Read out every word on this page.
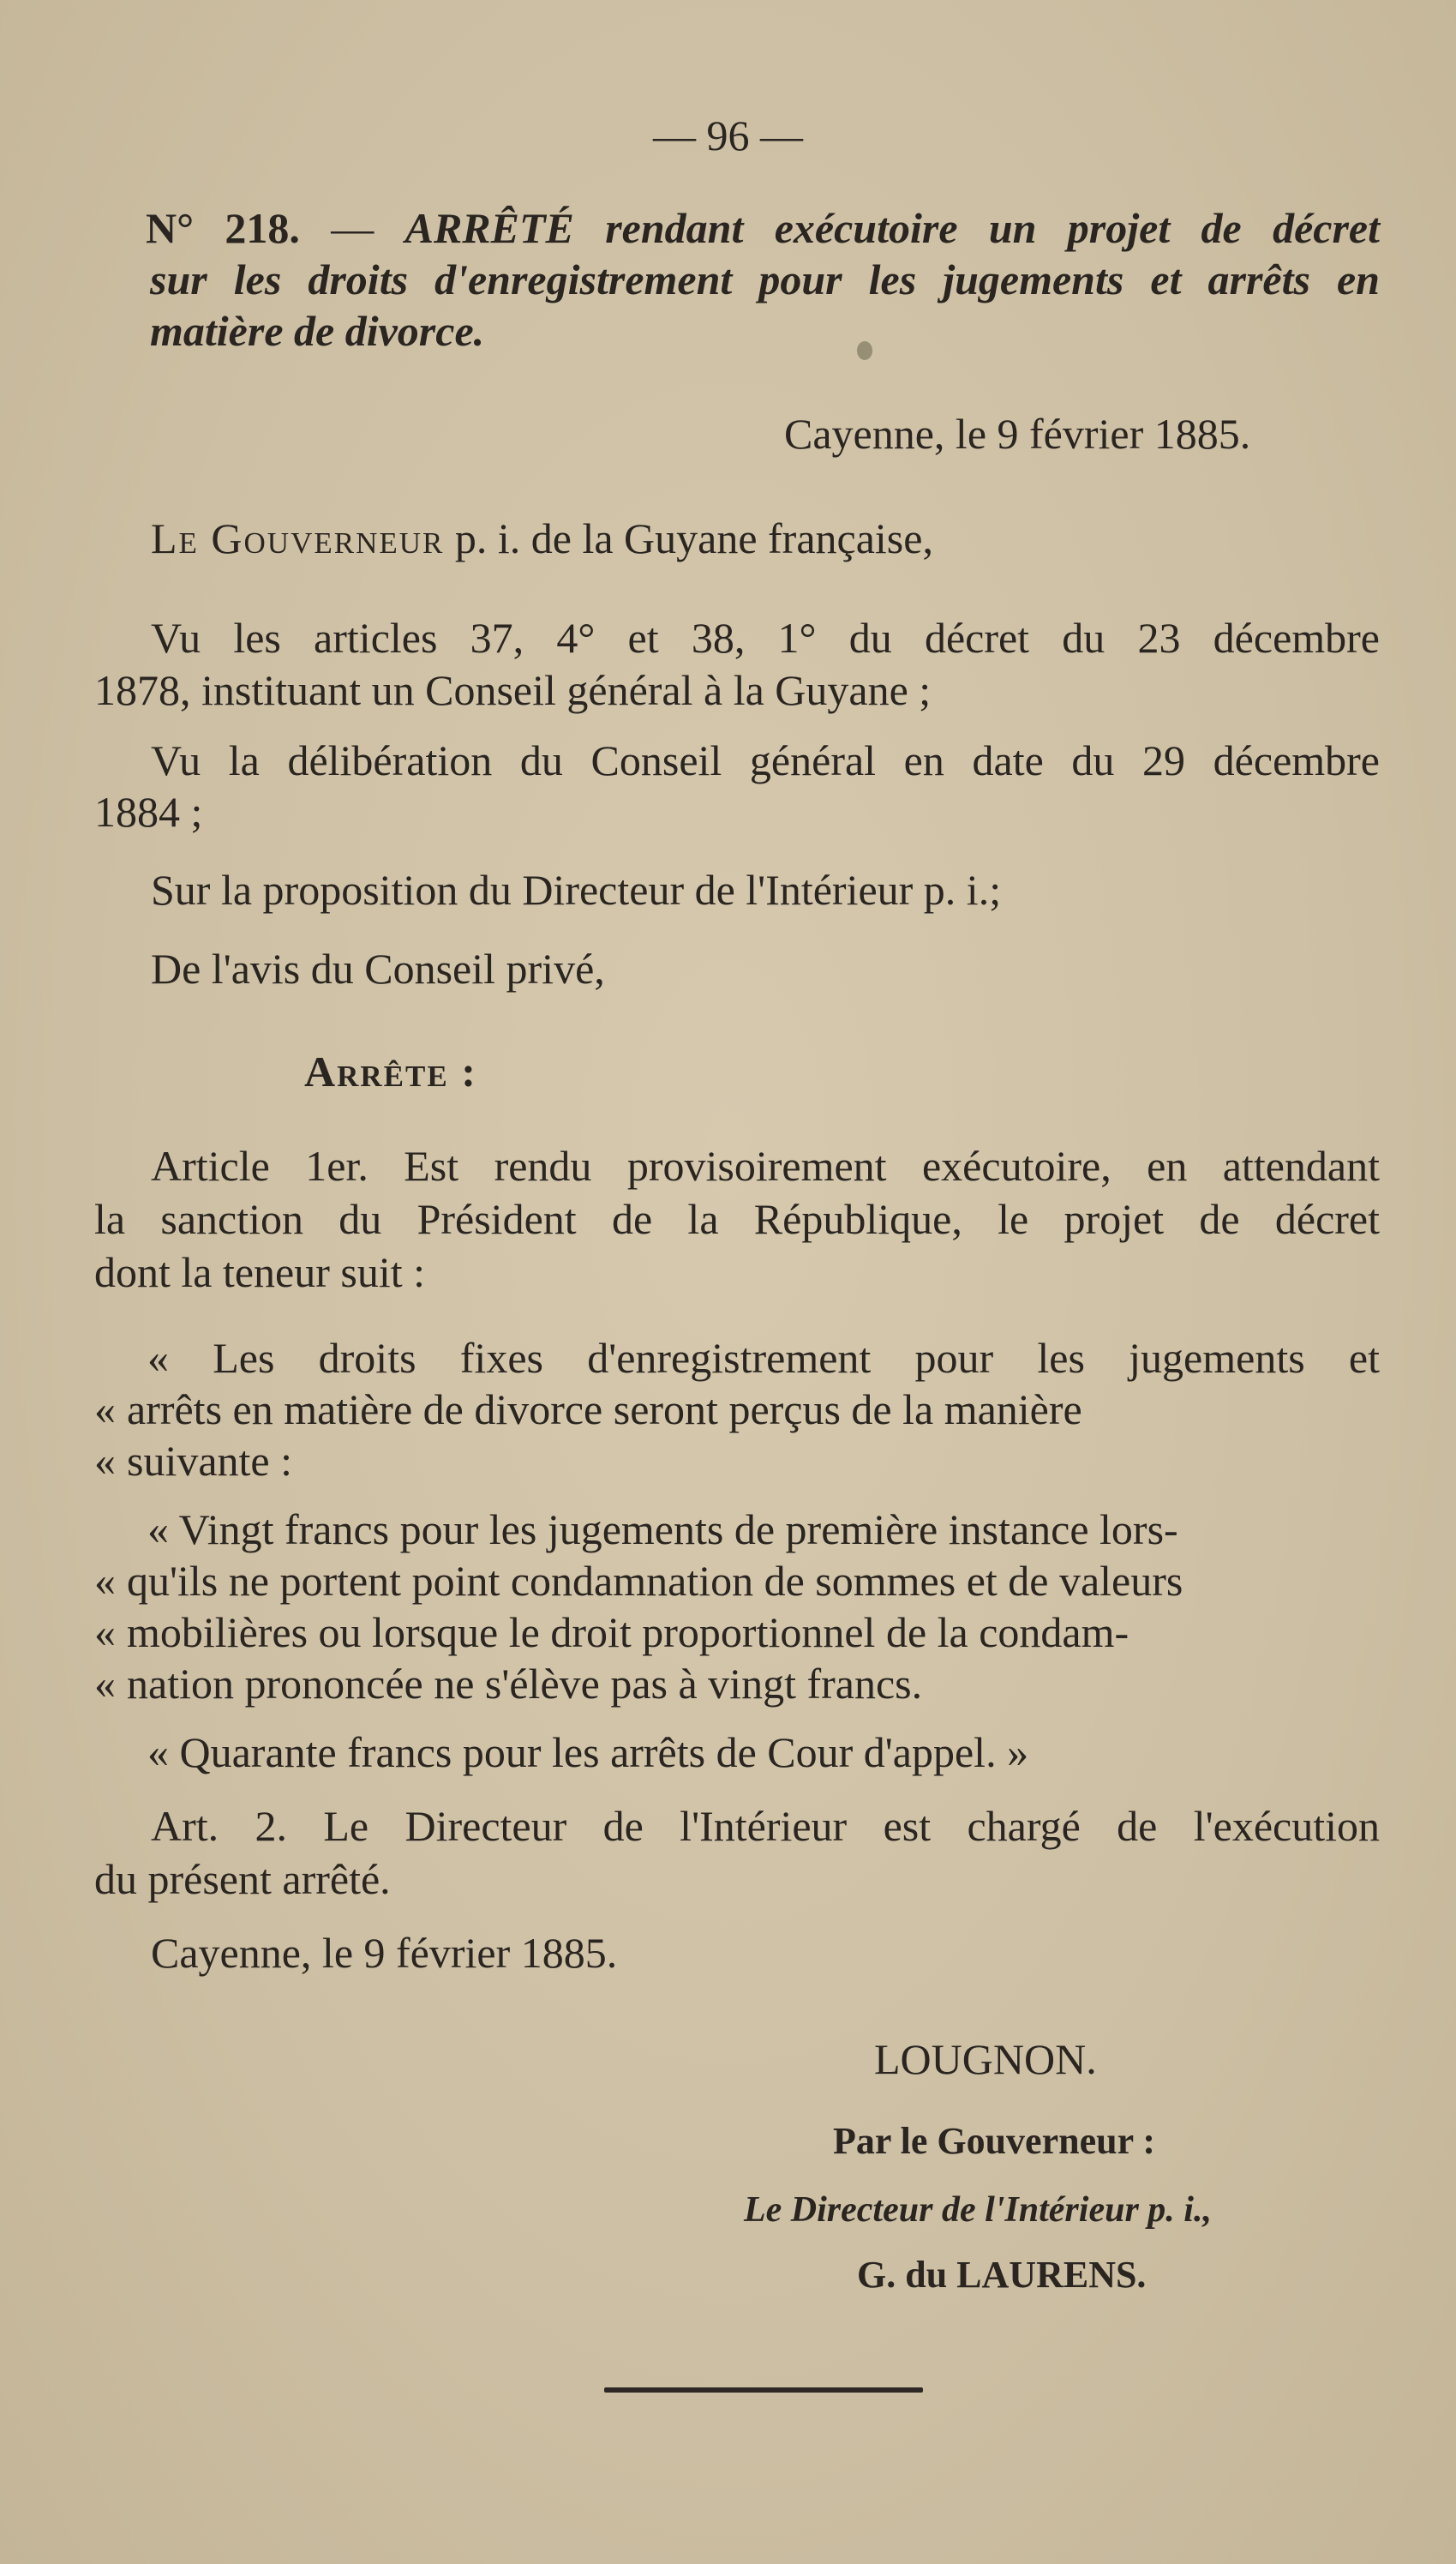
— 96 —
N° 218. — ARRÊTÉ rendant exécutoire un projet de décret
sur les droits d'enregistrement pour les jugements et arrêts en
matière de divorce.
Cayenne, le 9 février 1885.
Le Gouverneur p. i. de la Guyane française,
Vu les articles 37, 4° et 38, 1° du décret du 23 décembre
1878, instituant un Conseil général à la Guyane ;
Vu la délibération du Conseil général en date du 29 décembre
1884 ;
Sur la proposition du Directeur de l'Intérieur p. i.;
De l'avis du Conseil privé,
Arrête :
Article 1er. Est rendu provisoirement exécutoire, en attendant
la sanction du Président de la République, le projet de décret
dont la teneur suit :
« Les droits fixes d'enregistrement pour les jugements et
« arrêts en matière de divorce seront perçus de la manière
« suivante :
« Vingt francs pour les jugements de première instance lors-
« qu'ils ne portent point condamnation de sommes et de valeurs
« mobilières ou lorsque le droit proportionnel de la condam-
« nation prononcée ne s'élève pas à vingt francs.
« Quarante francs pour les arrêts de Cour d'appel. »
Art. 2. Le Directeur de l'Intérieur est chargé de l'exécution
du présent arrêté.
Cayenne, le 9 février 1885.
LOUGNON.
Par le Gouverneur :
Le Directeur de l'Intérieur p. i.,
G. du LAURENS.
